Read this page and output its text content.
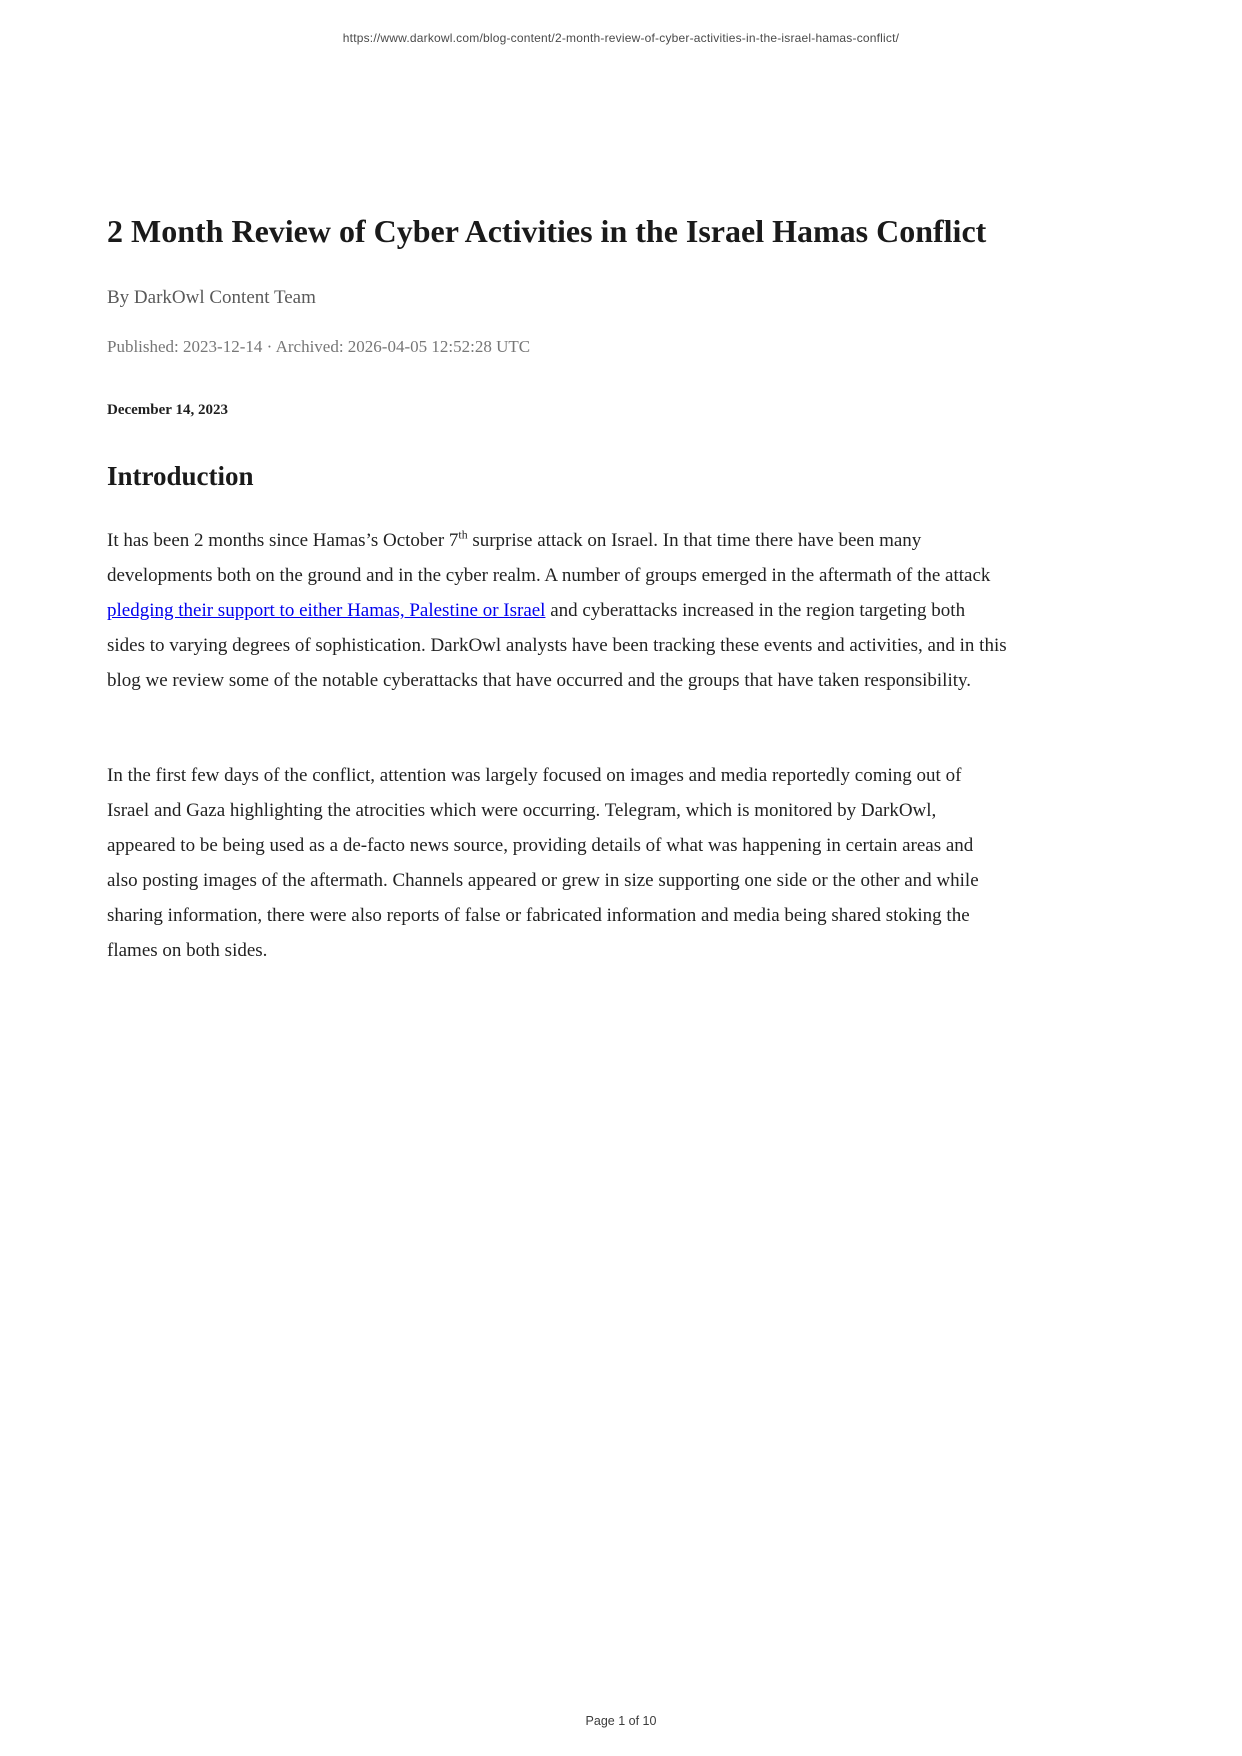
https://www.darkowl.com/blog-content/2-month-review-of-cyber-activities-in-the-israel-hamas-conflict/
2 Month Review of Cyber Activities in the Israel Hamas Conflict
By DarkOwl Content Team
Published: 2023-12-14 · Archived: 2026-04-05 12:52:28 UTC
December 14, 2023
Introduction

It has been 2 months since Hamas’s October 7th surprise attack on Israel. In that time there have been many developments both on the ground and in the cyber realm. A number of groups emerged in the aftermath of the attack pledging their support to either Hamas, Palestine or Israel and cyberattacks increased in the region targeting both sides to varying degrees of sophistication. DarkOwl analysts have been tracking these events and activities, and in this blog we review some of the notable cyberattacks that have occurred and the groups that have taken responsibility.

In the first few days of the conflict, attention was largely focused on images and media reportedly coming out of Israel and Gaza highlighting the atrocities which were occurring. Telegram, which is monitored by DarkOwl, appeared to be being used as a de-facto news source, providing details of what was happening in certain areas and also posting images of the aftermath. Channels appeared or grew in size supporting one side or the other and while sharing information, there were also reports of false or fabricated information and media being shared stoking the flames on both sides.

Page 1 of 10
